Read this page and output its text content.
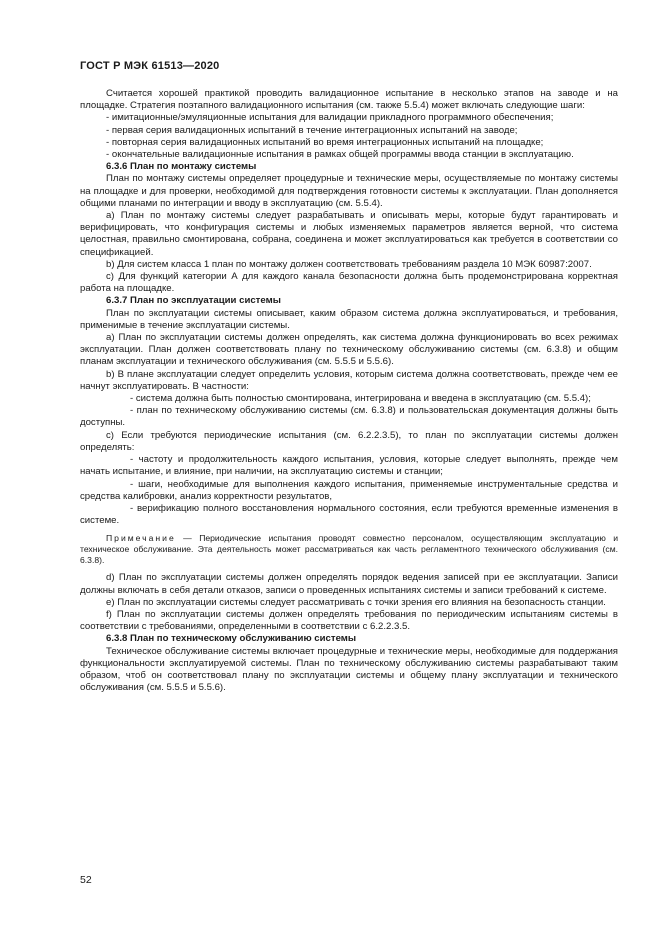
ГОСТ Р МЭК 61513—2020

Считается хорошей практикой проводить валидационное испытание в несколько этапов на заводе и на площадке. Стратегия поэтапного валидационного испытания (см. также 5.5.4) может включать следующие шаги:

- имитационные/эмуляционные испытания для валидации прикладного программного обеспечения;

- первая серия валидационных испытаний в течение интеграционных испытаний на заводе;

- повторная серия валидационных испытаний во время интеграционных испытаний на площадке;

- окончательные валидационные испытания в рамках общей программы ввода станции в эксплуатацию.

6.3.6 План по монтажу системы

План по монтажу системы определяет процедурные и технические меры, осуществляемые по монтажу системы на площадке и для проверки, необходимой для подтверждения готовности системы к эксплуатации. План дополняется общими планами по интеграции и вводу в эксплуатацию (см. 5.5.4).

a) План по монтажу системы следует разрабатывать и описывать меры, которые будут гарантировать и верифицировать, что конфигурация системы и любых изменяемых параметров является верной, что система целостная, правильно смонтирована, собрана, соединена и может эксплуатироваться как требуется в соответствии со спецификацией.

b) Для систем класса 1 план по монтажу должен соответствовать требованиям раздела 10 МЭК 60987:2007.

c) Для функций категории А для каждого канала безопасности должна быть продемонстрирована корректная работа на площадке.

6.3.7 План по эксплуатации системы

План по эксплуатации системы описывает, каким образом система должна эксплуатироваться, и требования, применимые в течение эксплуатации системы.

a) План по эксплуатации системы должен определять, как система должна функционировать во всех режимах эксплуатации. План должен соответствовать плану по техническому обслуживанию системы (см. 6.3.8) и общим планам эксплуатации и технического обслуживания (см. 5.5.5 и 5.5.6).

b) В плане эксплуатации следует определить условия, которым система должна соответствовать, прежде чем ее начнут эксплуатировать. В частности:

- система должна быть полностью смонтирована, интегрирована и введена в эксплуатацию (см. 5.5.4);

- план по техническому обслуживанию системы (см. 6.3.8) и пользовательская документация должны быть доступны.

c) Если требуются периодические испытания (см. 6.2.2.3.5), то план по эксплуатации системы должен определять:

- частоту и продолжительность каждого испытания, условия, которые следует выполнять, прежде чем начать испытание, и влияние, при наличии, на эксплуатацию системы и станции;

- шаги, необходимые для выполнения каждого испытания, применяемые инструментальные средства и средства калибровки, анализ корректности результатов,

- верификацию полного восстановления нормального состояния, если требуются временные изменения в системе.

Примечание — Периодические испытания проводят совместно персоналом, осуществляющим эксплуатацию и техническое обслуживание. Эта деятельность может рассматриваться как часть регламентного технического обслуживания (см. 6.3.8).

d) План по эксплуатации системы должен определять порядок ведения записей при ее эксплуатации. Записи должны включать в себя детали отказов, записи о проведенных испытаниях системы и записи требований к системе.

e) План по эксплуатации системы следует рассматривать с точки зрения его влияния на безопасность станции.

f) План по эксплуатации системы должен определять требования по периодическим испытаниям системы в соответствии с требованиями, определенными в соответствии с 6.2.2.3.5.

6.3.8 План по техническому обслуживанию системы

Техническое обслуживание системы включает процедурные и технические меры, необходимые для поддержания функциональности эксплуатируемой системы. План по техническому обслуживанию системы разрабатывают таким образом, чтоб он соответствовал плану по эксплуатации системы и общему плану эксплуатации и технического обслуживания (см. 5.5.5 и 5.5.6).

52
